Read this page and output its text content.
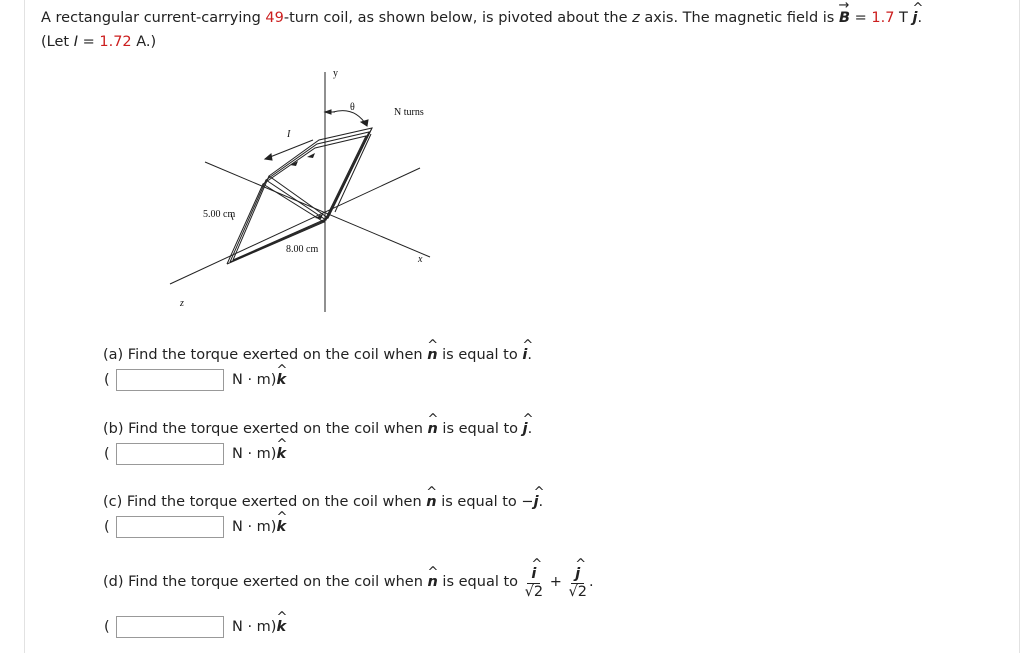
A rectangular current-carrying 49-turn coil, as shown below, is pivoted about the z axis. The magnetic field is → B = 1.7 T ^ j.
(Let I = 1.72 A.)
y
θ	N turns
I
5.00 cm
8.00 cm
x
z
(a) Find the torque exerted on the coil when ^ n is equal to ^ i.
(	N · m) ^ k
(b) Find the torque exerted on the coil when ^ n is equal to ^ j.
(	N · m) ^ k
(c) Find the torque exerted on the coil when ^ n is equal to −^ j.
(	N · m) ^ k
(d) Find the torque exerted on the coil when ^ n is equal to ^ $\frac{i}{√2}$ + ^ $\frac{j}{√2}$ .
(	N · m) ^ k
